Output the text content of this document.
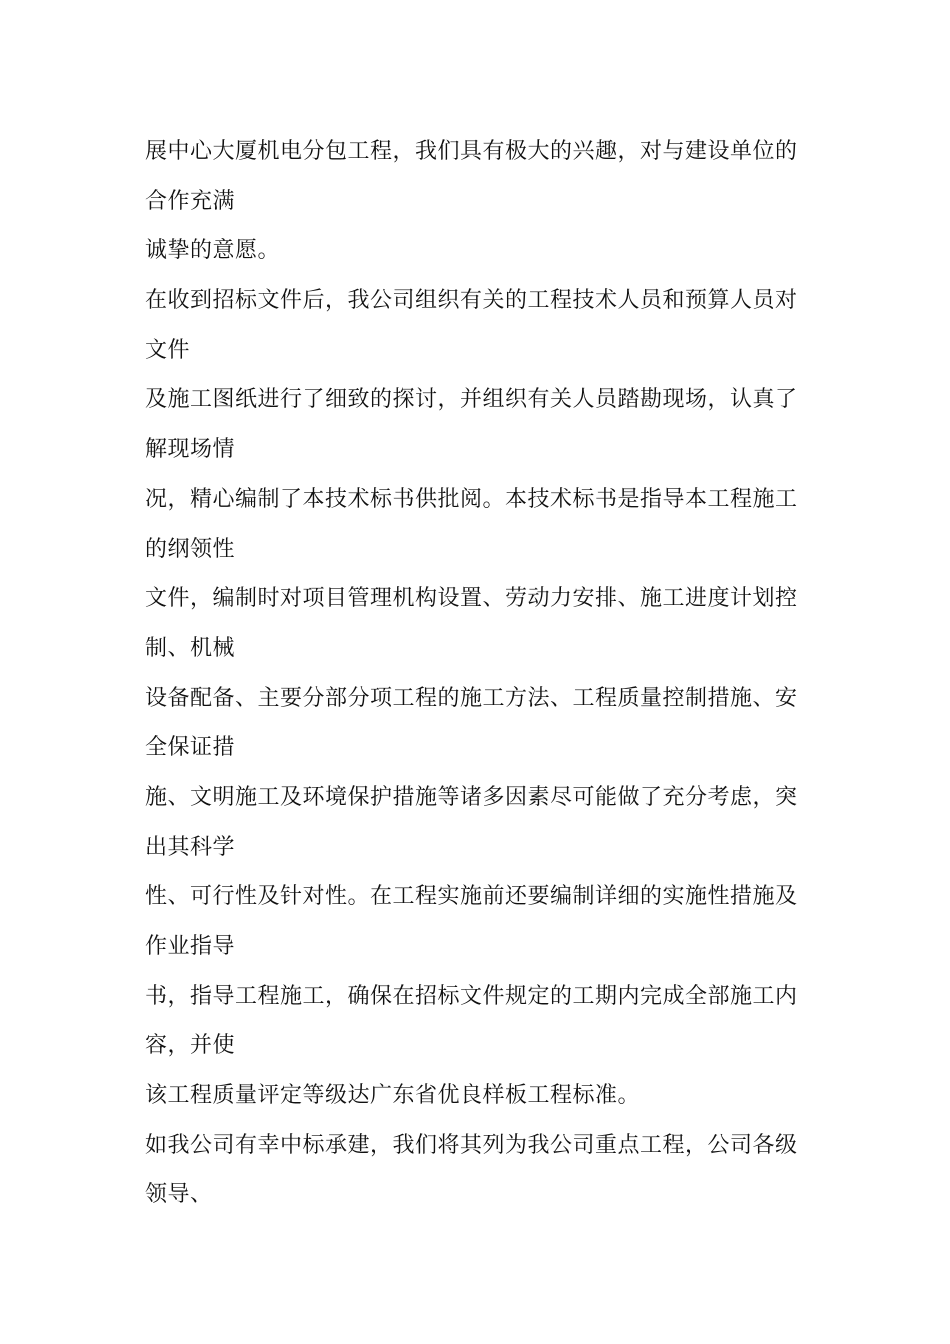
展中心大厦机电分包工程，我们具有极大的兴趣，对与建设单位的
合作充满
诚挚的意愿。
在收到招标文件后，我公司组织有关的工程技术人员和预算人员对
文件
及施工图纸进行了细致的探讨，并组织有关人员踏勘现场，认真了
解现场情
况，精心编制了本技术标书供批阅。本技术标书是指导本工程施工
的纲领性
文件，编制时对项目管理机构设置、劳动力安排、施工进度计划控
制、机械
设备配备、主要分部分项工程的施工方法、工程质量控制措施、安
全保证措
施、文明施工及环境保护措施等诸多因素尽可能做了充分考虑，突
出其科学
性、可行性及针对性。在工程实施前还要编制详细的实施性措施及
作业指导
书，指导工程施工，确保在招标文件规定的工期内完成全部施工内
容，并使
该工程质量评定等级达广东省优良样板工程标准。
如我公司有幸中标承建，我们将其列为我公司重点工程，公司各级
领导、
